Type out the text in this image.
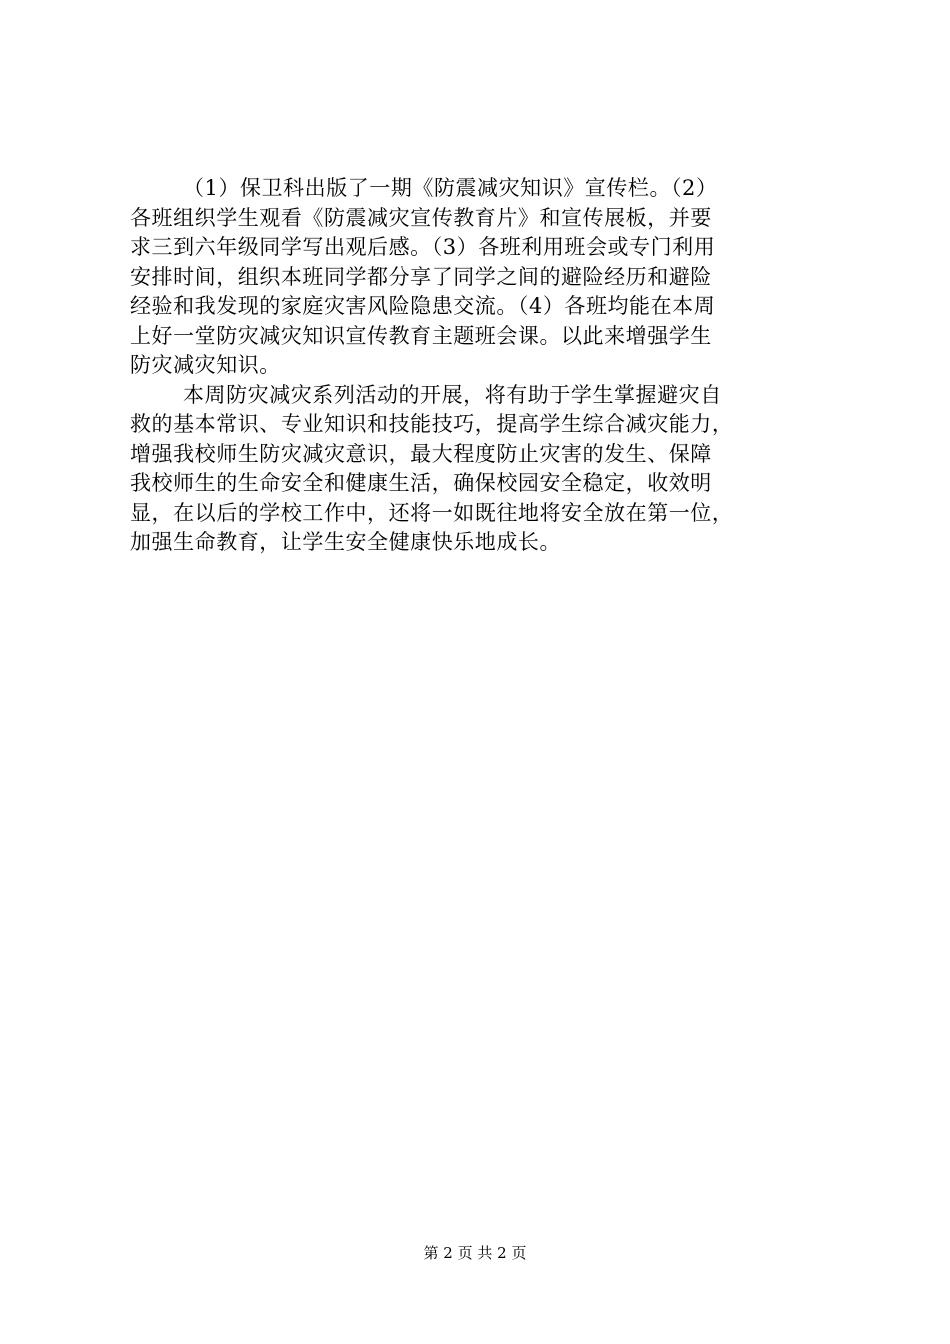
（1）保卫科出版了一期《防震减灾知识》宣传栏。（2）
各班组织学生观看《防震减灾宣传教育片》和宣传展板，并要
求三到六年级同学写出观后感。（3）各班利用班会或专门利用
安排时间，组织本班同学都分享了同学之间的避险经历和避险
经验和我发现的家庭灾害风险隐患交流。（4）各班均能在本周
上好一堂防灾减灾知识宣传教育主题班会课。以此来增强学生
防灾减灾知识。
本周防灾减灾系列活动的开展，将有助于学生掌握避灾自
救的基本常识、专业知识和技能技巧，提高学生综合减灾能力，
增强我校师生防灾减灾意识，最大程度防止灾害的发生、保障
我校师生的生命安全和健康生活，确保校园安全稳定，收效明
显，在以后的学校工作中，还将一如既往地将安全放在第一位，
加强生命教育，让学生安全健康快乐地成长。
第 2 页 共 2 页
